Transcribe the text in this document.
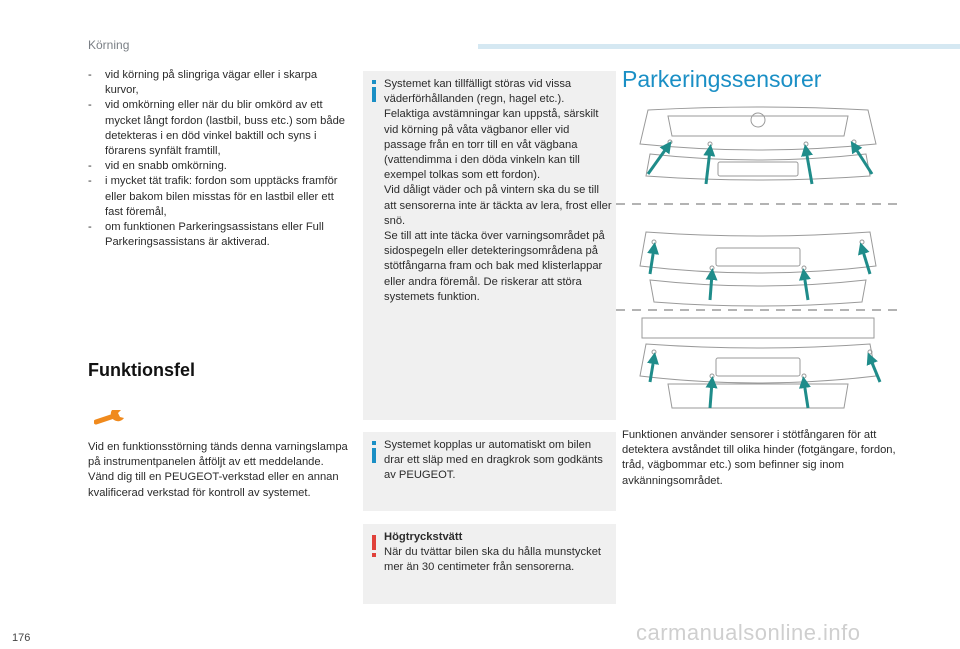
Körning
- vid körning på slingriga vägar eller i skarpa kurvor,
- vid omkörning eller när du blir omkörd av ett mycket långt fordon (lastbil, buss etc.) som både detekteras i en död vinkel baktill och syns i förarens synfält framtill,
- vid en snabb omkörning.
- i mycket tät trafik: fordon som upptäcks framför eller bakom bilen misstas för en lastbil eller ett fast föremål,
- om funktionen Parkeringsassistans eller Full Parkeringsassistans är aktiverad.
Funktionsfel
Vid en funktionsstörning tänds denna varningslampa på instrumentpanelen åtföljt av ett meddelande.
Vänd dig till en PEUGEOT-verkstad eller en annan kvalificerad verkstad för kontroll av systemet.
Systemet kan tillfälligt störas vid vissa väderförhållanden (regn, hagel etc.).
Felaktiga avstämningar kan uppstå, särskilt vid körning på våta vägbanor eller vid passage från en torr till en våt vägbana (vattendimma i den döda vinkeln kan till exempel tolkas som ett fordon).
Vid dåligt väder och på vintern ska du se till att sensorerna inte är täckta av lera, frost eller snö.
Se till att inte täcka över varningsområdet på sidospegeln eller detekteringsområdena på stötfångarna fram och bak med klisterlappar eller andra föremål. De riskerar att störa systemets funktion.
Systemet kopplas ur automatiskt om bilen drar ett släp med en dragkrok som godkänts av PEUGEOT.
Högtryckstvätt
När du tvättar bilen ska du hålla munstycket mer än 30 centimeter från sensorerna.
Parkeringssensorer

Funktionen använder sensorer i stötfångaren för att detektera avståndet till olika hinder (fotgängare, fordon, tråd, vägbommar etc.) som befinner sig inom avkänningsområdet.

176	carmanualsonline.info
